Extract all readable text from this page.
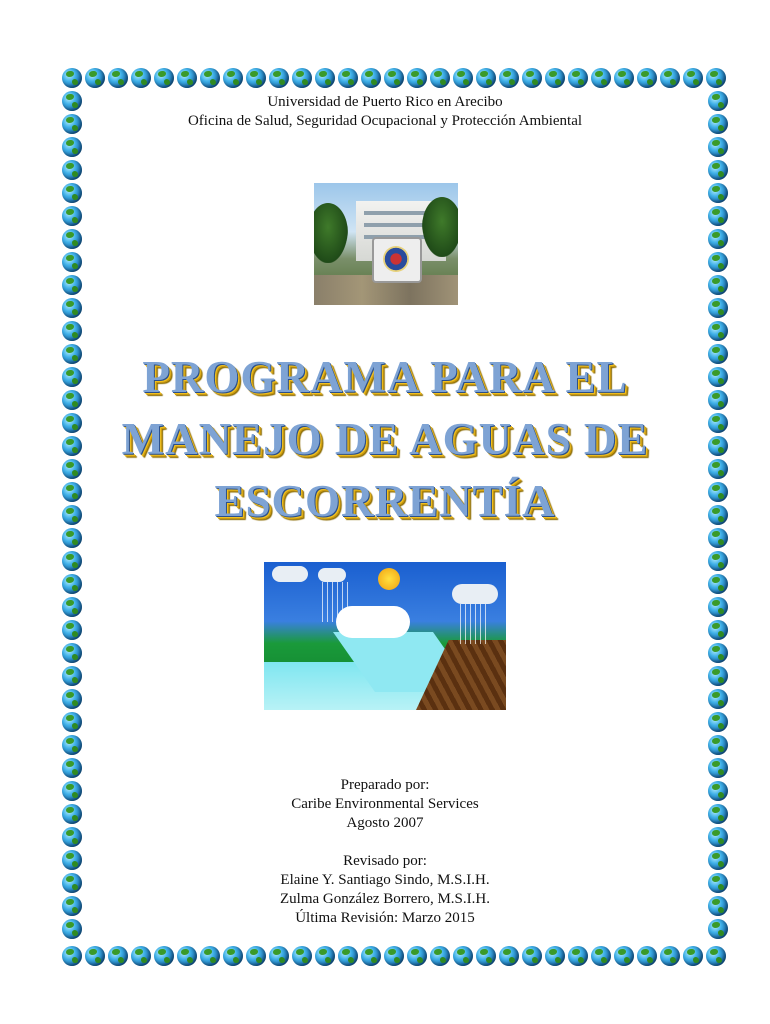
Universidad de Puerto Rico en Arecibo
Oficina de Salud, Seguridad Ocupacional y Protección Ambiental
PROGRAMA PARA EL
MANEJO DE AGUAS DE
ESCORRENTÍA
Preparado por:
Caribe Environmental Services
Agosto 2007
Revisado por:
Elaine Y. Santiago Sindo, M.S.I.H.
Zulma González Borrero, M.S.I.H.
Última Revisión: Marzo 2015
